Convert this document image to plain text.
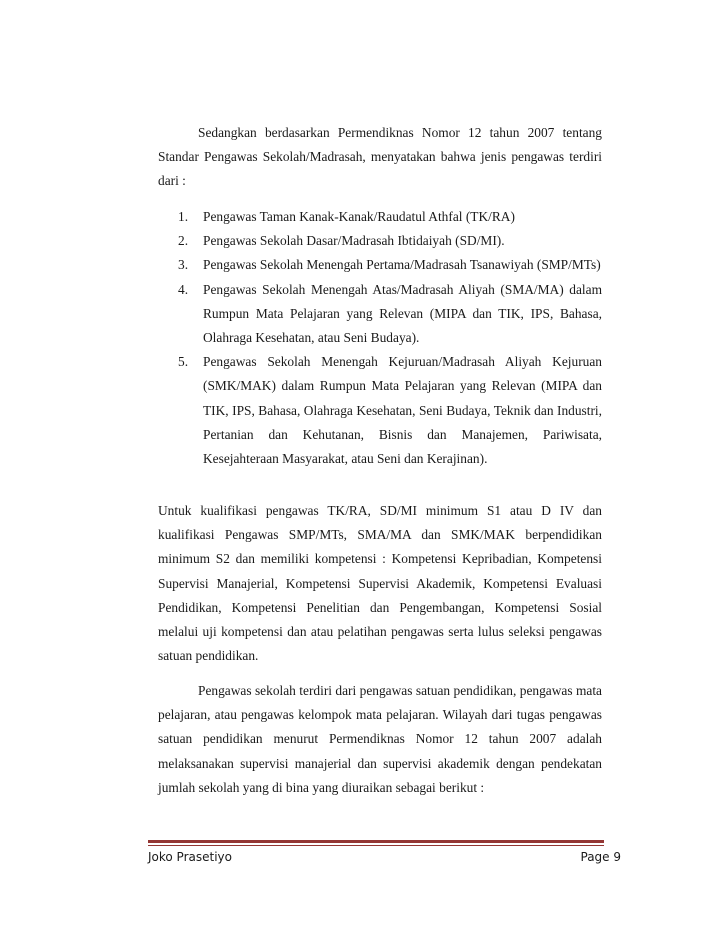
Sedangkan berdasarkan Permendiknas Nomor 12 tahun 2007 tentang Standar Pengawas Sekolah/Madrasah, menyatakan bahwa jenis pengawas terdiri dari :

1. Pengawas Taman Kanak-Kanak/Raudatul Athfal (TK/RA)
2. Pengawas Sekolah Dasar/Madrasah Ibtidaiyah (SD/MI).
3. Pengawas Sekolah Menengah Pertama/Madrasah Tsanawiyah (SMP/MTs)
4. Pengawas Sekolah Menengah Atas/Madrasah Aliyah (SMA/MA) dalam Rumpun Mata Pelajaran yang Relevan (MIPA dan TIK, IPS, Bahasa, Olahraga Kesehatan, atau Seni Budaya).
5. Pengawas Sekolah Menengah Kejuruan/Madrasah Aliyah Kejuruan (SMK/MAK) dalam Rumpun Mata Pelajaran yang Relevan (MIPA dan TIK, IPS, Bahasa, Olahraga Kesehatan, Seni Budaya, Teknik dan Industri, Pertanian dan Kehutanan, Bisnis dan Manajemen, Pariwisata, Kesejahteraan Masyarakat, atau Seni dan Kerajinan).

Untuk kualifikasi pengawas TK/RA, SD/MI minimum S1 atau D IV dan kualifikasi Pengawas SMP/MTs, SMA/MA dan SMK/MAK berpendidikan minimum S2 dan memiliki kompetensi : Kompetensi Kepribadian, Kompetensi Supervisi Manajerial, Kompetensi Supervisi Akademik, Kompetensi Evaluasi Pendidikan, Kompetensi Penelitian dan Pengembangan, Kompetensi Sosial melalui uji kompetensi dan atau pelatihan pengawas serta lulus seleksi pengawas satuan pendidikan.

Pengawas sekolah terdiri dari pengawas satuan pendidikan, pengawas mata pelajaran, atau pengawas kelompok mata pelajaran. Wilayah dari tugas pengawas satuan pendidikan menurut Permendiknas Nomor 12 tahun 2007 adalah melaksanakan supervisi manajerial dan supervisi akademik dengan pendekatan jumlah sekolah yang di bina yang diuraikan sebagai berikut :

Joko Prasetiyo	Page 9
